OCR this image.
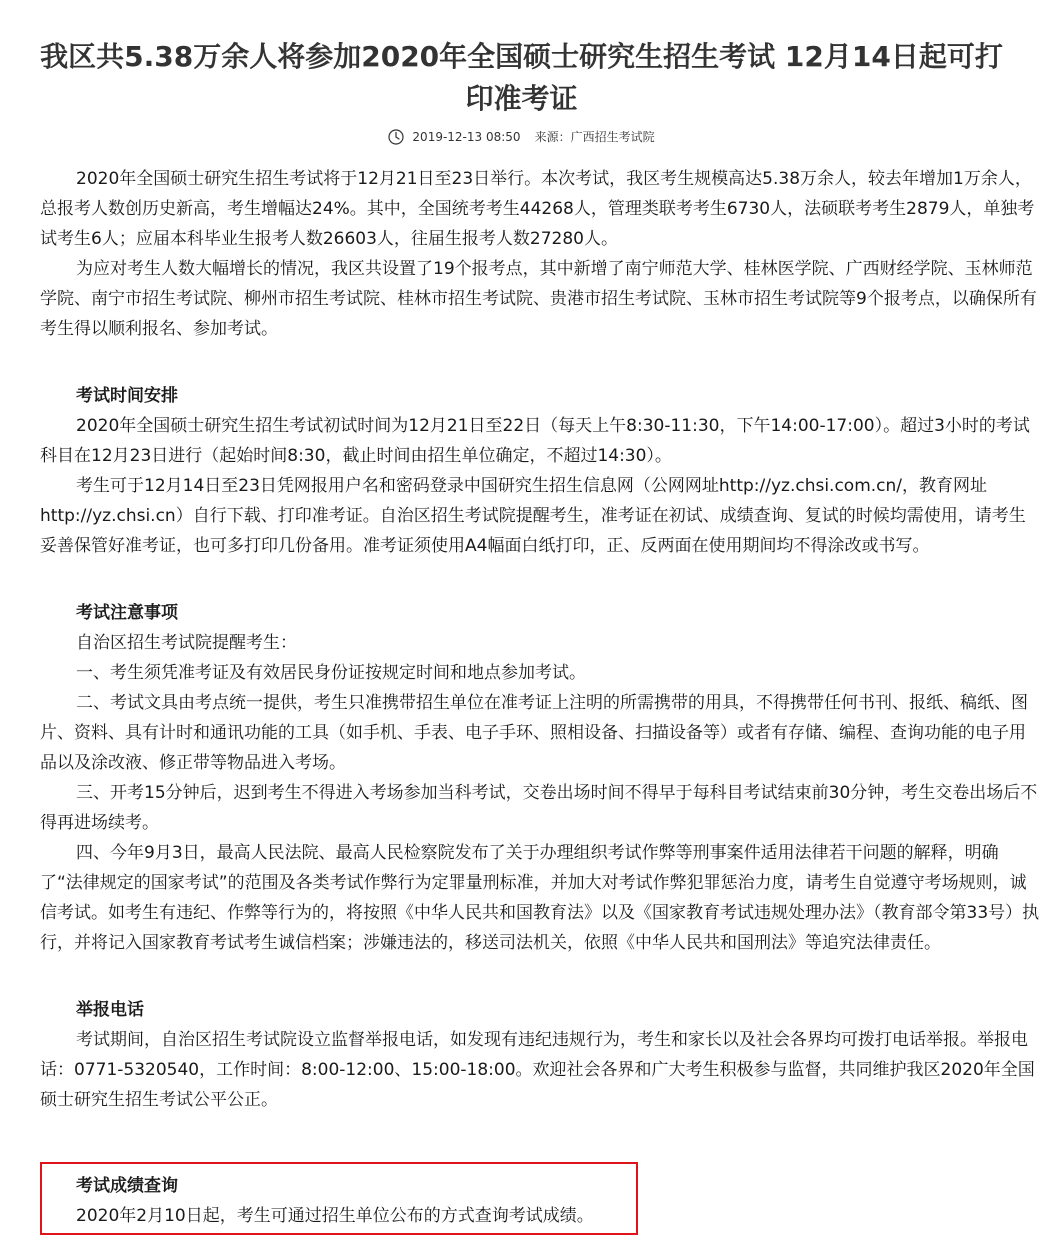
我区共5.38万余人将参加2020年全国硕士研究生招生考试 12月14日起可打印准考证
2019-12-13 08:50 来源：广西招生考试院

2020年全国硕士研究生招生考试将于12月21日至23日举行。本次考试，我区考生规模高达5.38万余人，较去年增加1万余人，总报考人数创历史新高，考生增幅达24%。其中，全国统考考生44268人，管理类联考考生6730人，法硕联考考生2879人，单独考试考生6人；应届本科毕业生报考人数26603人，往届生报考人数27280人。

为应对考生人数大幅增长的情况，我区共设置了19个报考点，其中新增了南宁师范大学、桂林医学院、广西财经学院、玉林师范学院、南宁市招生考试院、柳州市招生考试院、桂林市招生考试院、贵港市招生考试院、玉林市招生考试院等9个报考点，以确保所有考生得以顺利报名、参加考试。

考试时间安排

2020年全国硕士研究生招生考试初试时间为12月21日至22日（每天上午8:30-11:30，下午14:00-17:00）。超过3小时的考试科目在12月23日进行（起始时间8:30，截止时间由招生单位确定，不超过14:30）。

考生可于12月14日至23日凭网报用户名和密码登录中国研究生招生信息网（公网网址http://yz.chsi.com.cn/，教育网址http://yz.chsi.cn）自行下载、打印准考证。自治区招生考试院提醒考生，准考证在初试、成绩查询、复试的时候均需使用，请考生妥善保管好准考证，也可多打印几份备用。准考证须使用A4幅面白纸打印，正、反两面在使用期间均不得涂改或书写。

考试注意事项

自治区招生考试院提醒考生：

一、考生须凭准考证及有效居民身份证按规定时间和地点参加考试。

二、考试文具由考点统一提供，考生只准携带招生单位在准考证上注明的所需携带的用具，不得携带任何书刊、报纸、稿纸、图片、资料、具有计时和通讯功能的工具（如手机、手表、电子手环、照相设备、扫描设备等）或者有存储、编程、查询功能的电子用品以及涂改液、修正带等物品进入考场。

三、开考15分钟后，迟到考生不得进入考场参加当科考试，交卷出场时间不得早于每科目考试结束前30分钟，考生交卷出场后不得再进场续考。

四、今年9月3日，最高人民法院、最高人民检察院发布了关于办理组织考试作弊等刑事案件适用法律若干问题的解释，明确了“法律规定的国家考试”的范围及各类考试作弊行为定罪量刑标准，并加大对考试作弊犯罪惩治力度，请考生自觉遵守考场规则，诚信考试。如考生有违纪、作弊等行为的，将按照《中华人民共和国教育法》以及《国家教育考试违规处理办法》（教育部令第33号）执行，并将记入国家教育考试考生诚信档案；涉嫌违法的，移送司法机关，依照《中华人民共和国刑法》等追究法律责任。

举报电话

考试期间，自治区招生考试院设立监督举报电话，如发现有违纪违规行为，考生和家长以及社会各界均可拨打电话举报。举报电话：0771-5320540，工作时间：8:00-12:00、15:00-18:00。欢迎社会各界和广大考生积极参与监督，共同维护我区2020年全国硕士研究生招生考试公平公正。

考试成绩查询

2020年2月10日起，考生可通过招生单位公布的方式查询考试成绩。
